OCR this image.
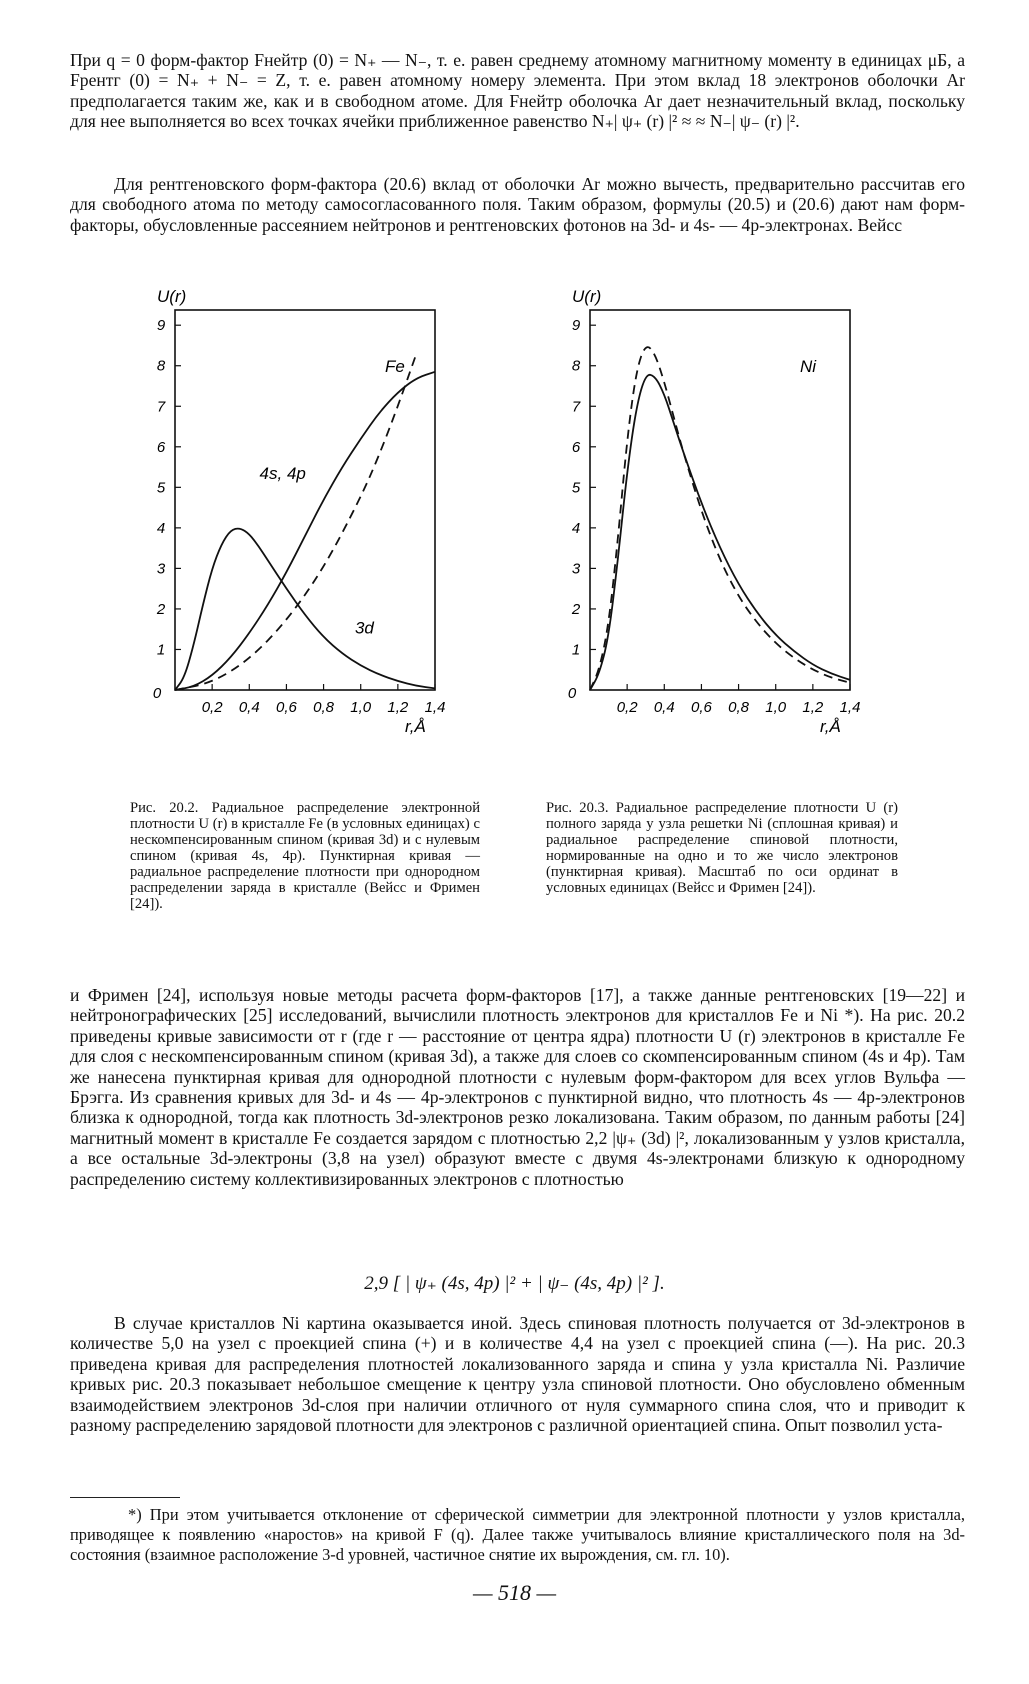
При q = 0 форм-фактор Fнейтр (0) = N₊ — N₋, т. е. равен среднему атомному магнитному моменту в единицах μБ, а Fрентг (0) = N₊ + N₋ = Z, т. е. равен атомному номеру элемента. При этом вклад 18 электронов оболочки Ar предполагается таким же, как и в свободном атоме. Для Fнейтр оболочка Ar дает незначительный вклад, поскольку для нее выполняется во всех точках ячейки приближенное равенство N₊| ψ₊ (r) |² ≈ ≈ N₋| ψ₋ (r) |².
Для рентгеновского форм-фактора (20.6) вклад от оболочки Ar можно вычесть, предварительно рассчитав его для свободного атома по методу самосогласованного поля. Таким образом, формулы (20.5) и (20.6) дают нам форм-факторы, обусловленные рассеянием нейтронов и рентгеновских фотонов на 3d- и 4s- — 4p-электронах. Вейсс
1
2
3
4
5
6
7
8
9
0,2 0,4 0,6 0,8 1,0 1,2 1,4
0
U(r)
r,Å
Fe
3d
4s, 4p
1
2
3
4
5
6
7
8
9
0,2 0,4 0,6 0,8 1,0 1,2 1,4
0
U(r)
r,Å
Ni
Рис. 20.2. Радиальное распределение электронной плотности U (r) в кристалле Fe (в условных единицах) с нескомпенсированным спином (кривая 3d) и с нулевым спином (кривая 4s, 4p). Пунктирная кривая — радиальное распределение плотности при однородном распределении заряда в кристалле (Вейсс и Фримен [24]).
Рис. 20.3. Радиальное распределение плотности U (r) полного заряда у узла решетки Ni (сплошная кривая) и радиальное распределение спиновой плотности, нормированные на одно и то же число электронов (пунктирная кривая). Масштаб по оси ординат в условных единицах (Вейсс и Фримен [24]).
и Фримен [24], используя новые методы расчета форм-факторов [17], а также данные рентгеновских [19—22] и нейтронографических [25] исследований, вычислили плотность электронов для кристаллов Fe и Ni *). На рис. 20.2 приведены кривые зависимости от r (где r — расстояние от центра ядра) плотности U (r) электронов в кристалле Fe для слоя с нескомпенсированным спином (кривая 3d), а также для слоев со скомпенсированным спином (4s и 4p). Там же нанесена пунктирная кривая для однородной плотности с нулевым форм-фактором для всех углов Вульфа — Брэгга. Из сравнения кривых для 3d- и 4s — 4p-электронов с пунктирной видно, что плотность 4s — 4p-электронов близка к однородной, тогда как плотность 3d-электронов резко локализована. Таким образом, по данным работы [24] магнитный момент в кристалле Fe создается зарядом с плотностью 2,2 |ψ₊ (3d) |², локализованным у узлов кристалла, а все остальные 3d-электроны (3,8 на узел) образуют вместе с двумя 4s-электронами близкую к однородному распределению систему коллективизированных электронов с плотностью
2,9 [ | ψ₊ (4s, 4p) |² + | ψ₋ (4s, 4p) |² ].
В случае кристаллов Ni картина оказывается иной. Здесь спиновая плотность получается от 3d-электронов в количестве 5,0 на узел с проекцией спина (+) и в количестве 4,4 на узел с проекцией спина (—). На рис. 20.3 приведена кривая для распределения плотностей локализованного заряда и спина у узла кристалла Ni. Различие кривых рис. 20.3 показывает небольшое смещение к центру узла спиновой плотности. Оно обусловлено обменным взаимодействием электронов 3d-слоя при наличии отличного от нуля суммарного спина слоя, что и приводит к разному распределению зарядовой плотности для электронов с различной ориентацией спина. Опыт позволил уста-
*) При этом учитывается отклонение от сферической симметрии для электронной плотности у узлов кристалла, приводящее к появлению «наростов» на кривой F (q). Далее также учитывалось влияние кристаллического поля на 3d-состояния (взаимное расположение 3-d уровней, частичное снятие их вырождения, см. гл. 10).
— 518 —
